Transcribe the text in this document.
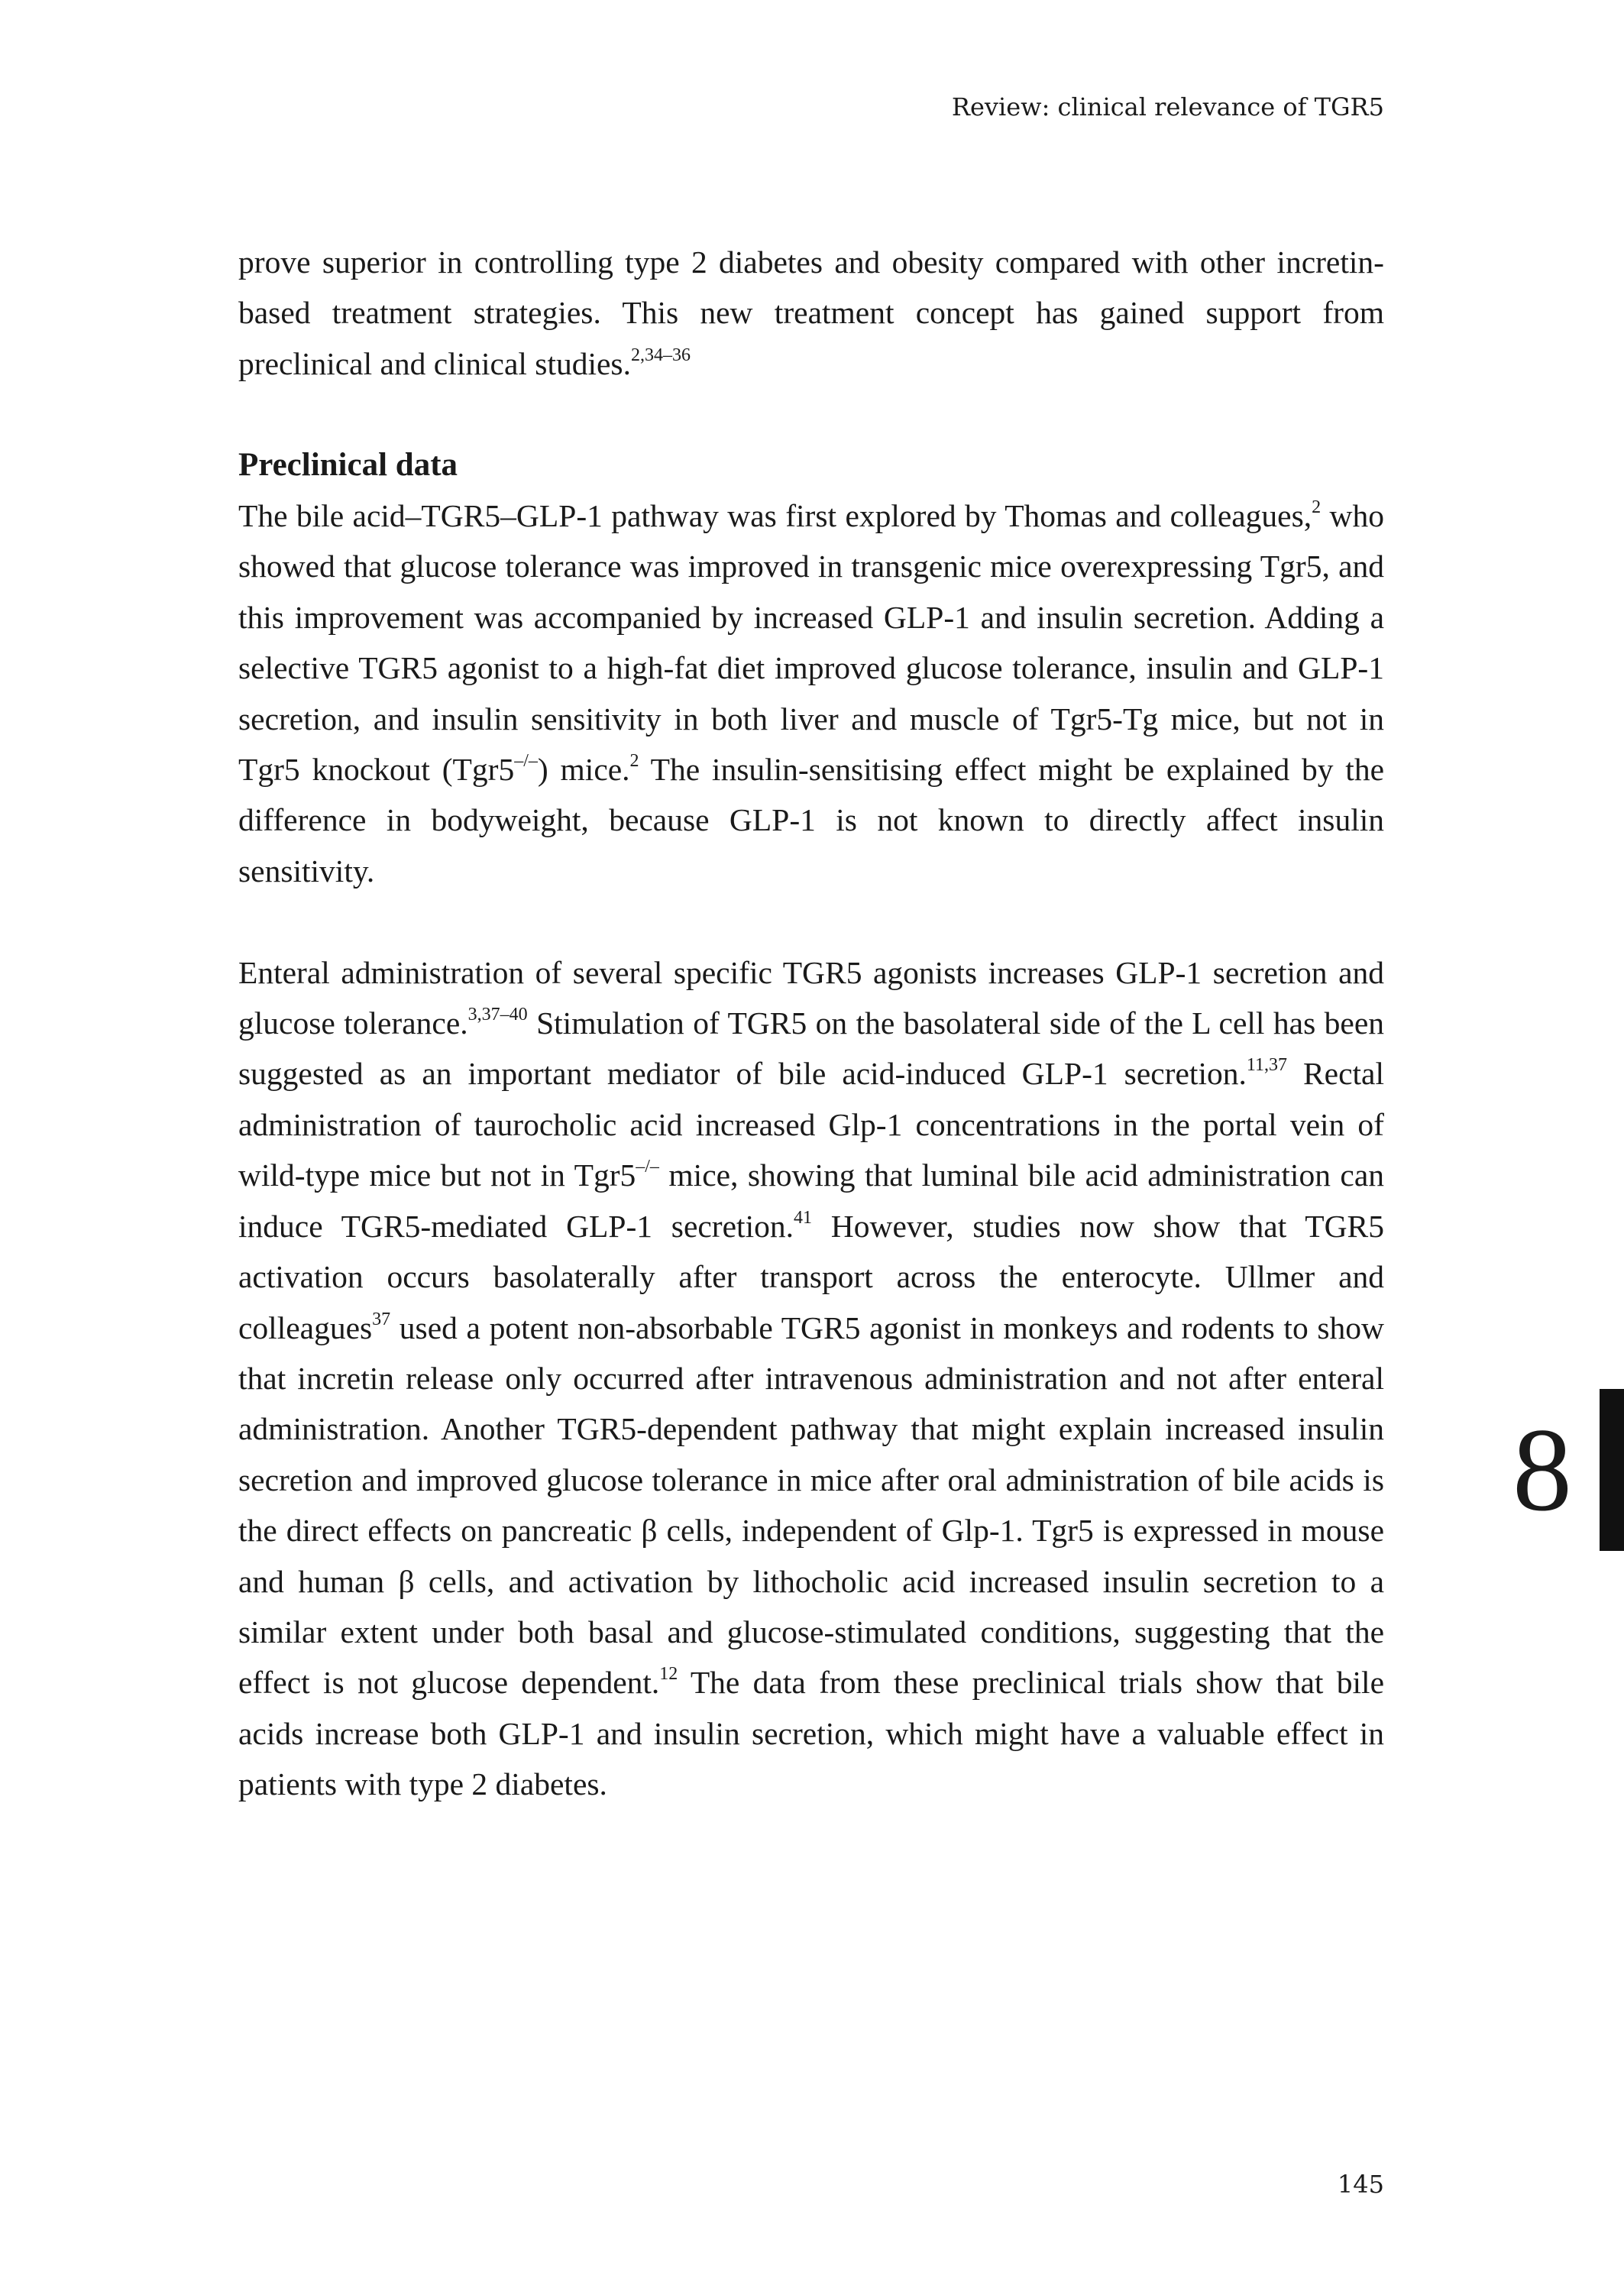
Review: clinical relevance of TGR5

prove superior in controlling type 2 diabetes and obesity compared with other incretin-based treatment strategies. This new treatment concept has gained support from preclinical and clinical studies.$^{2,34-36}$

Preclinical data

The bile acid–TGR5–GLP-1 pathway was first explored by Thomas and colleagues,$^2$ who showed that glucose tolerance was improved in transgenic mice overexpressing Tgr5, and this improvement was accompanied by increased GLP-1 and insulin secretion. Adding a selective TGR5 agonist to a high-fat diet improved glucose tolerance, insulin and GLP-1 secretion, and insulin sensitivity in both liver and muscle of Tgr5-Tg mice, but not in Tgr5 knockout (Tgr5–/–) mice.$^2$ The insulin-sensitising effect might be explained by the difference in bodyweight, because GLP-1 is not known to directly affect insulin sensitivity.

Enteral administration of several specific TGR5 agonists increases GLP-1 secretion and glucose tolerance.$^{3,37-40}$ Stimulation of TGR5 on the basolateral side of the L cell has been suggested as an important mediator of bile acid-induced GLP-1 secretion.$^{11,37}$ Rectal administration of taurocholic acid increased Glp-1 concentrations in the portal vein of wild-type mice but not in Tgr5–/– mice, showing that luminal bile acid administration can induce TGR5-mediated GLP-1 secretion.$^{41}$ However, studies now show that TGR5 activation occurs basolaterally after transport across the enterocyte. Ullmer and colleagues$^{37}$ used a potent non-absorbable TGR5 agonist in monkeys and rodents to show that incretin release only occurred after intravenous administration and not after enteral administration. Another TGR5-dependent pathway that might explain increased insulin secretion and improved glucose tolerance in mice after oral administration of bile acids is the direct effects on pancreatic β cells, independent of Glp-1. Tgr5 is expressed in mouse and human β cells, and activation by lithocholic acid increased insulin secretion to a similar extent under both basal and glucose-stimulated conditions, suggesting that the effect is not glucose dependent.$^{12}$ The data from these preclinical trials show that bile acids increase both GLP-1 and insulin secretion, which might have a valuable effect in patients with type 2 diabetes.

8
145
